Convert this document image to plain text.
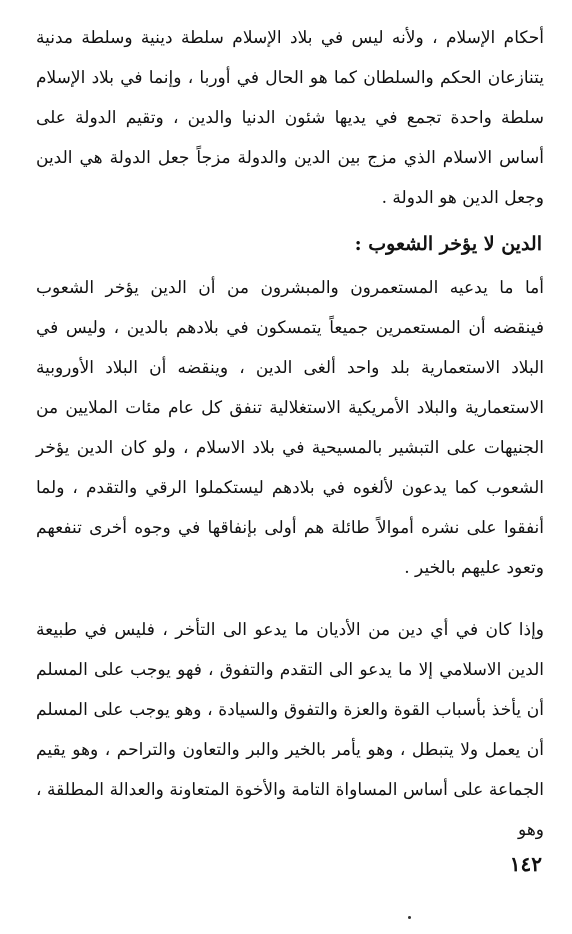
أحكام الإسلام ، ولأنه ليس في بلاد الإسلام سلطة دينية وسلطة مدنية يتنازعان الحكم والسلطان كما هو الحال في أوربا ، وإنما في بلاد الإسلام سلطة واحدة تجمع في يديها شئون الدنيا والدين ، وتقيم الدولة على أساس الاسلام الذي مزج بين الدين والدولة مزجاً جعل الدولة هي الدين وجعل الدين هو الدولة .

الدين لا يؤخر الشعوب :

أما ما يدعيه المستعمرون والمبشرون من أن الدين يؤخر الشعوب فينقضه أن المستعمرين جميعاً يتمسكون في بلادهم بالدين ، وليس في البلاد الاستعمارية بلد واحد ألغى الدين ، وينقضه أن البلاد الأوروبية الاستعمارية والبلاد الأمريكية الاستغلالية تنفق كل عام مئات الملايين من الجنيهات على التبشير بالمسيحية في بلاد الاسلام ، ولو كان الدين يؤخر الشعوب كما يدعون لألغوه في بلادهم ليستكملوا الرقي والتقدم ، ولما أنفقوا على نشره أموالاً طائلة هم أولى بإنفاقها في وجوه أخرى تنفعهم وتعود عليهم بالخير .

وإذا كان في أي دين من الأديان ما يدعو الى التأخر ، فليس في طبيعة الدين الاسلامي إلا ما يدعو الى التقدم والتفوق ، فهو يوجب على المسلم أن يأخذ بأسباب القوة والعزة والتفوق والسيادة ، وهو يوجب على المسلم أن يعمل ولا يتبطل ، وهو يأمر بالخير والبر والتعاون والتراحم ، وهو يقيم الجماعة على أساس المساواة التامة والأخوة المتعاونة والعدالة المطلقة ، وهو

١٤٢
